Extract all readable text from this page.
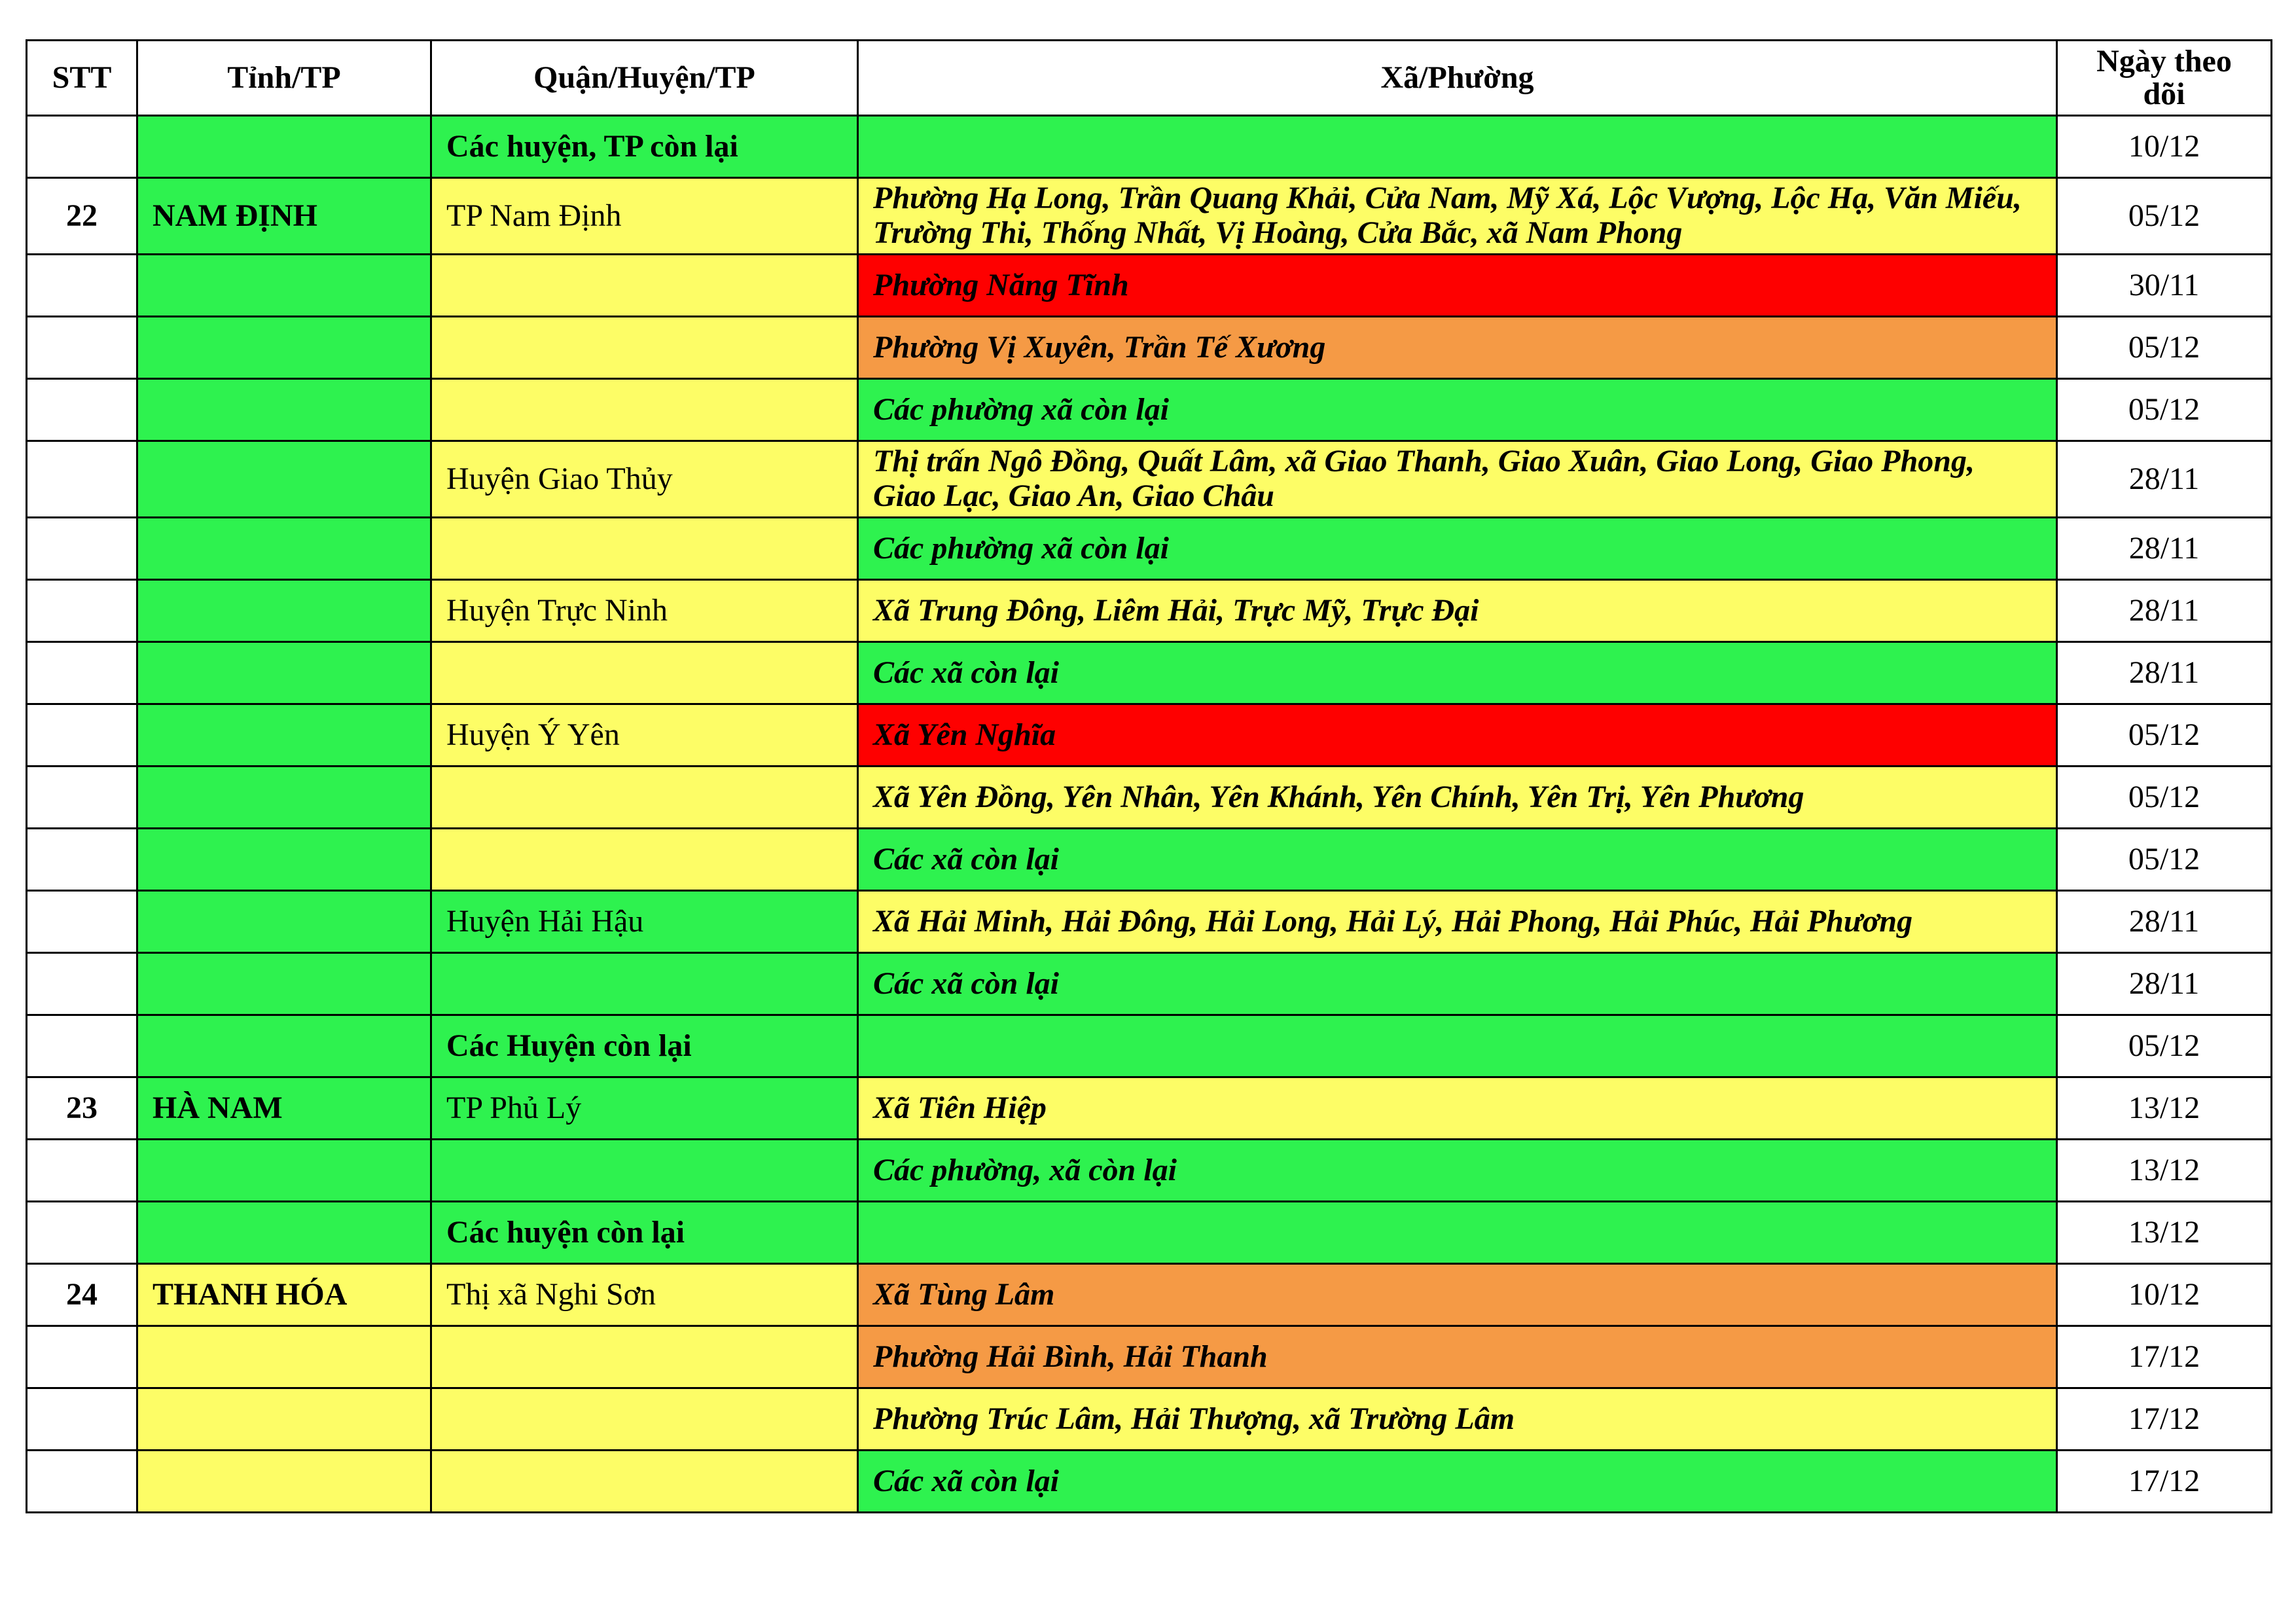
STT	Tỉnh/TP	Quận/Huyện/TP	Xã/Phường	Ngày theo dõi
		Các huyện, TP còn lại		10/12
22	NAM ĐỊNH	TP Nam Định	Phường Hạ Long, Trần Quang Khải, Cửa Nam, Mỹ Xá, Lộc Vượng, Lộc Hạ, Văn Miếu, Trường Thi, Thống Nhất, Vị Hoàng, Cửa Bắc, xã Nam Phong	05/12
			Phường Năng Tĩnh	30/11
			Phường Vị Xuyên, Trần Tế Xương	05/12
			Các phường xã còn lại	05/12
		Huyện Giao Thủy	Thị trấn Ngô Đồng, Quất Lâm, xã Giao Thanh, Giao Xuân, Giao Long, Giao Phong, Giao Lạc, Giao An, Giao Châu	28/11
			Các phường xã còn lại	28/11
		Huyện Trực Ninh	Xã Trung Đông, Liêm Hải, Trực Mỹ, Trực Đại	28/11
			Các xã còn lại	28/11
		Huyện Ý Yên	Xã Yên Nghĩa	05/12
			Xã Yên Đồng, Yên Nhân, Yên Khánh, Yên Chính, Yên Trị, Yên Phương	05/12
			Các xã còn lại	05/12
		Huyện Hải Hậu	Xã Hải Minh, Hải Đông, Hải Long, Hải Lý, Hải Phong, Hải Phúc, Hải Phương	28/11
			Các xã còn lại	28/11
		Các Huyện còn lại		05/12
23	HÀ NAM	TP Phủ Lý	Xã Tiên Hiệp	13/12
			Các phường, xã còn lại	13/12
		Các huyện còn lại		13/12
24	THANH HÓA	Thị xã Nghi Sơn	Xã Tùng Lâm	10/12
			Phường Hải Bình, Hải Thanh	17/12
			Phường Trúc Lâm, Hải Thượng, xã Trường Lâm	17/12
			Các xã còn lại	17/12
